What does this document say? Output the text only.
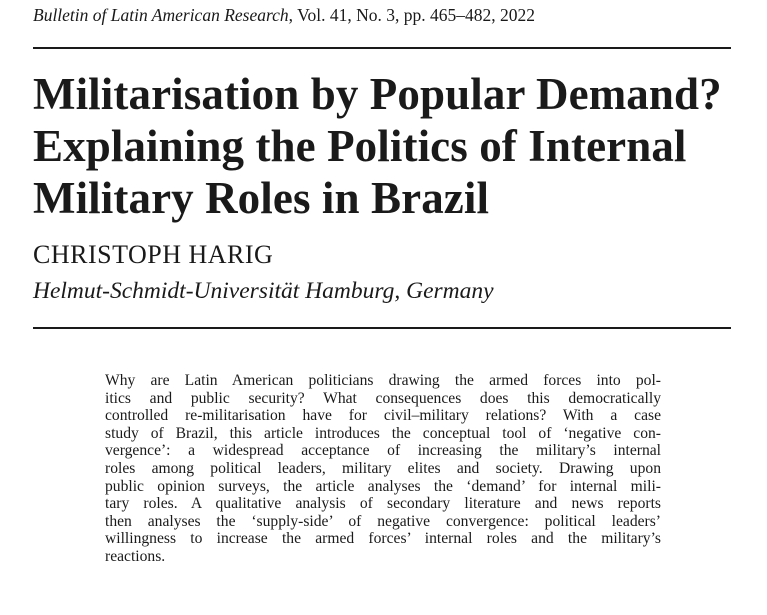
Bulletin of Latin American Research, Vol. 41, No. 3, pp. 465–482, 2022
Militarisation by Popular Demand?
Explaining the Politics of Internal
Military Roles in Brazil
CHRISTOPH HARIG
Helmut-Schmidt-Universität Hamburg, Germany
Why are Latin American politicians drawing the armed forces into pol-
itics and public security? What consequences does this democratically
controlled re-militarisation have for civil–military relations? With a case
study of Brazil, this article introduces the conceptual tool of ‘negative con-
vergence’: a widespread acceptance of increasing the military’s internal
roles among political leaders, military elites and society. Drawing upon
public opinion surveys, the article analyses the ‘demand’ for internal mili-
tary roles. A qualitative analysis of secondary literature and news reports
then analyses the ‘supply-side’ of negative convergence: political leaders’
willingness to increase the armed forces’ internal roles and the military’s
reactions.
